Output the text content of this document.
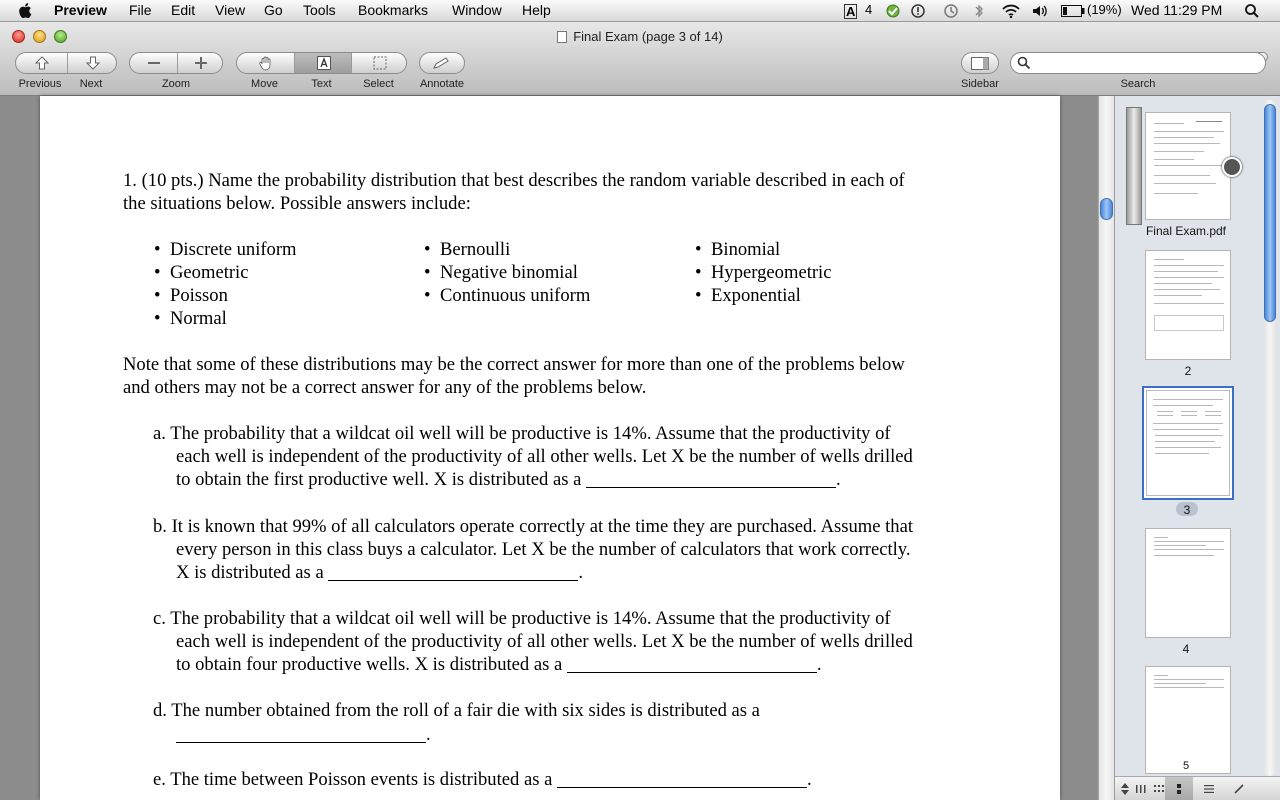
Preview File Edit View Go Tools Bookmarks Window Help	A 4	(19%) Wed 11:29 PM
Final Exam (page 3 of 14)
Previous	Next	Zoom	Move	Text	Select	Annotate	Sidebar	Search
1. (10 pts.) Name the probability distribution that best describes the random variable described in each of
the situations below. Possible answers include:
• Discrete uniform
• Geometric
• Poisson
• Normal
• Bernoulli
• Negative binomial
• Continuous uniform
• Binomial
• Hypergeometric
• Exponential
Note that some of these distributions may be the correct answer for more than one of the problems below
and others may not be a correct answer for any of the problems below.
a. The probability that a wildcat oil well will be productive is 14%. Assume that the productivity of
each well is independent of the productivity of all other wells. Let X be the number of wells drilled
to obtain the first productive well. X is distributed as a	.
b. It is known that 99% of all calculators operate correctly at the time they are purchased. Assume that
every person in this class buys a calculator. Let X be the number of calculators that work correctly.
X is distributed as a	.
c. The probability that a wildcat oil well will be productive is 14%. Assume that the productivity of
each well is independent of the productivity of all other wells. Let X be the number of wells drilled
to obtain four productive wells. X is distributed as a	.
d. The number obtained from the roll of a fair die with six sides is distributed as a
.
e. The time between Poisson events is distributed as a	.
Final Exam.pdf
2
3
4
5
